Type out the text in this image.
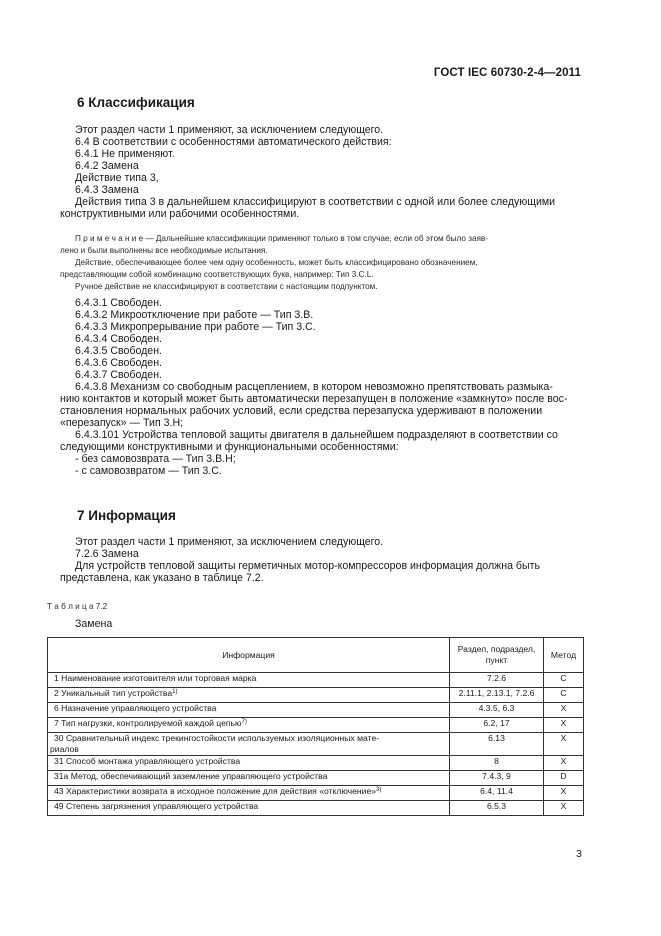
ГОСТ IEC 60730-2-4—2011
6 Классификация
Этот раздел части 1 применяют, за исключением следующего.
6.4 В соответствии с особенностями автоматического действия:
6.4.1 Не применяют.
6.4.2 Замена
Действие типа 3,
6.4.3 Замена
Действия типа 3 в дальнейшем классифицируют в соответствии с одной или более следующими
конструктивными или рабочими особенностями.
П р и м е ч а н и е — Дальнейшие классификации применяют только в том случае, если об этом было заяв-
лено и были выполнены все необходимые испытания.
Действие, обеспечивающее более чем одну особенность, может быть классифицировано обозначением,
представляющим собой комбинацию соответствующих букв, например: Тип 3.C.L.
Ручное действие не классифицируют в соответствии с настоящим подпунктом.
6.4.3.1 Свободен.
6.4.3.2 Микроотключение при работе — Тип 3.В.
6.4.3.3 Микропрерывание при работе — Тип 3.С.
6.4.3.4 Свободен.
6.4.3.5 Свободен.
6.4.3.6 Свободен.
6.4.3.7 Свободен.
6.4.3.8 Механизм со свободным расцеплением, в котором невозможно препятствовать размыка-
нию контактов и который может быть автоматически перезапущен в положение «замкнуто» после вос-
становления нормальных рабочих условий, если средства перезапуска удерживают в положении
«перезапуск» — Тип 3.Н;
6.4.3.101 Устройства тепловой защиты двигателя в дальнейшем подразделяют в соответствии со
следующими конструктивными и функциональными особенностями:
- без самовозврата — Тип 3.В.Н;
- с самовозвратом — Тип 3.С.
7 Информация
Этот раздел части 1 применяют, за исключением следующего.
7.2.6 Замена
Для устройств тепловой защиты герметичных мотор-компрессоров информация должна быть
представлена, как указано в таблице 7.2.
Т а б л и ц а 7.2
Замена
Информация	Раздел, подраздел, пункт	Метод
1 Наименование изготовителя или торговая марка	7.2.6	С
2 Уникальный тип устройства$^{1)}$	2.11.1, 2.13.1, 7.2.6	С
6 Назначение управляющего устройства	4.3.5, 6.3	X
7 Тип нагрузки, контролируемой каждой цепью$^{7)}$	6.2, 17	X

30 Сравнительный индекс трекингостойкости используемых изоляционных мате-
риалов	6.13	X
31 Способ монтажа управляющего устройства	8	X
31а Метод, обеспечивающий заземление управляющего устройства	7.4.3, 9	D
43 Характеристики возврата в исходное положение для действия «отключение»$^{3)}$	6.4, 11.4	X
49 Степень загрязнения управляющего устройства	6.5.3	X
3
